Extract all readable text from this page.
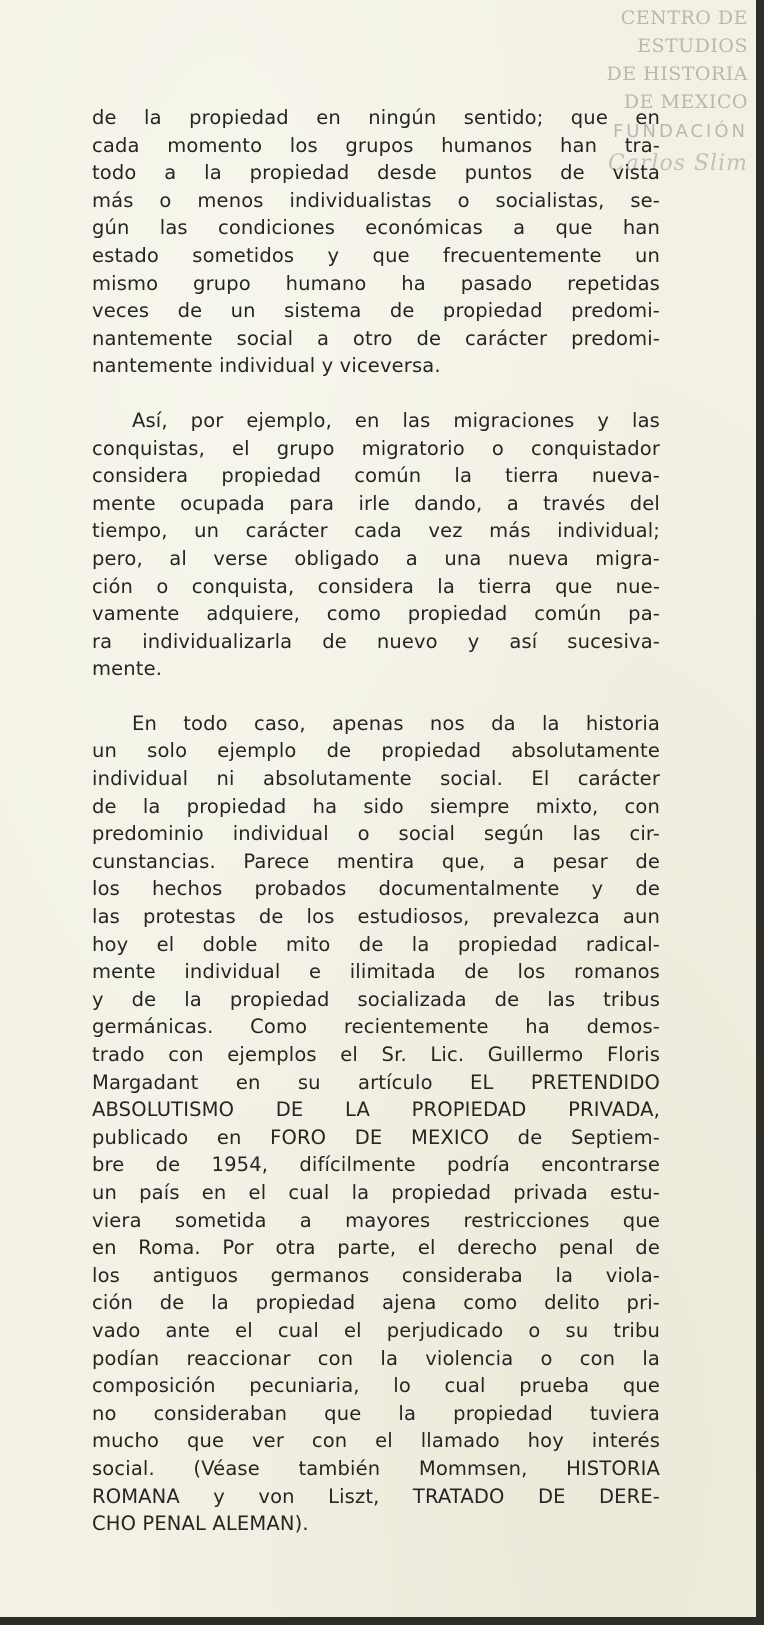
CENTRO DE
ESTUDIOS
DE HISTORIA
DE MEXICO
FUNDACIÓN
Carlos Slim
de la propiedad en ningún sentido; que en
cada momento los grupos humanos han tra-
todo a la propiedad desde puntos de vista
más o menos individualistas o socialistas, se-
gún las condiciones económicas a que han
estado sometidos y que frecuentemente un
mismo grupo humano ha pasado repetidas
veces de un sistema de propiedad predomi-
nantemente social a otro de carácter predomi-
nantemente individual y viceversa.
Así, por ejemplo, en las migraciones y las
conquistas, el grupo migratorio o conquistador
considera propiedad común la tierra nueva-
mente ocupada para irle dando, a través del
tiempo, un carácter cada vez más individual;
pero, al verse obligado a una nueva migra-
ción o conquista, considera la tierra que nue-
vamente adquiere, como propiedad común pa-
ra individualizarla de nuevo y así sucesiva-
mente.
En todo caso, apenas nos da la historia
un solo ejemplo de propiedad absolutamente
individual ni absolutamente social. El carácter
de la propiedad ha sido siempre mixto, con
predominio individual o social según las cir-
cunstancias. Parece mentira que, a pesar de
los hechos probados documentalmente y de
las protestas de los estudiosos, prevalezca aun
hoy el doble mito de la propiedad radical-
mente individual e ilimitada de los romanos
y de la propiedad socializada de las tribus
germánicas. Como recientemente ha demos-
trado con ejemplos el Sr. Lic. Guillermo Floris
Margadant en su artículo EL PRETENDIDO
ABSOLUTISMO DE LA PROPIEDAD PRIVADA,
publicado en FORO DE MEXICO de Septiem-
bre de 1954, difícilmente podría encontrarse
un país en el cual la propiedad privada estu-
viera sometida a mayores restricciones que
en Roma. Por otra parte, el derecho penal de
los antiguos germanos consideraba la viola-
ción de la propiedad ajena como delito pri-
vado ante el cual el perjudicado o su tribu
podían reaccionar con la violencia o con la
composición pecuniaria, lo cual prueba que
no consideraban que la propiedad tuviera
mucho que ver con el llamado hoy interés
social. (Véase también Mommsen, HISTORIA
ROMANA y von Liszt, TRATADO DE DERE-
CHO PENAL ALEMAN).
